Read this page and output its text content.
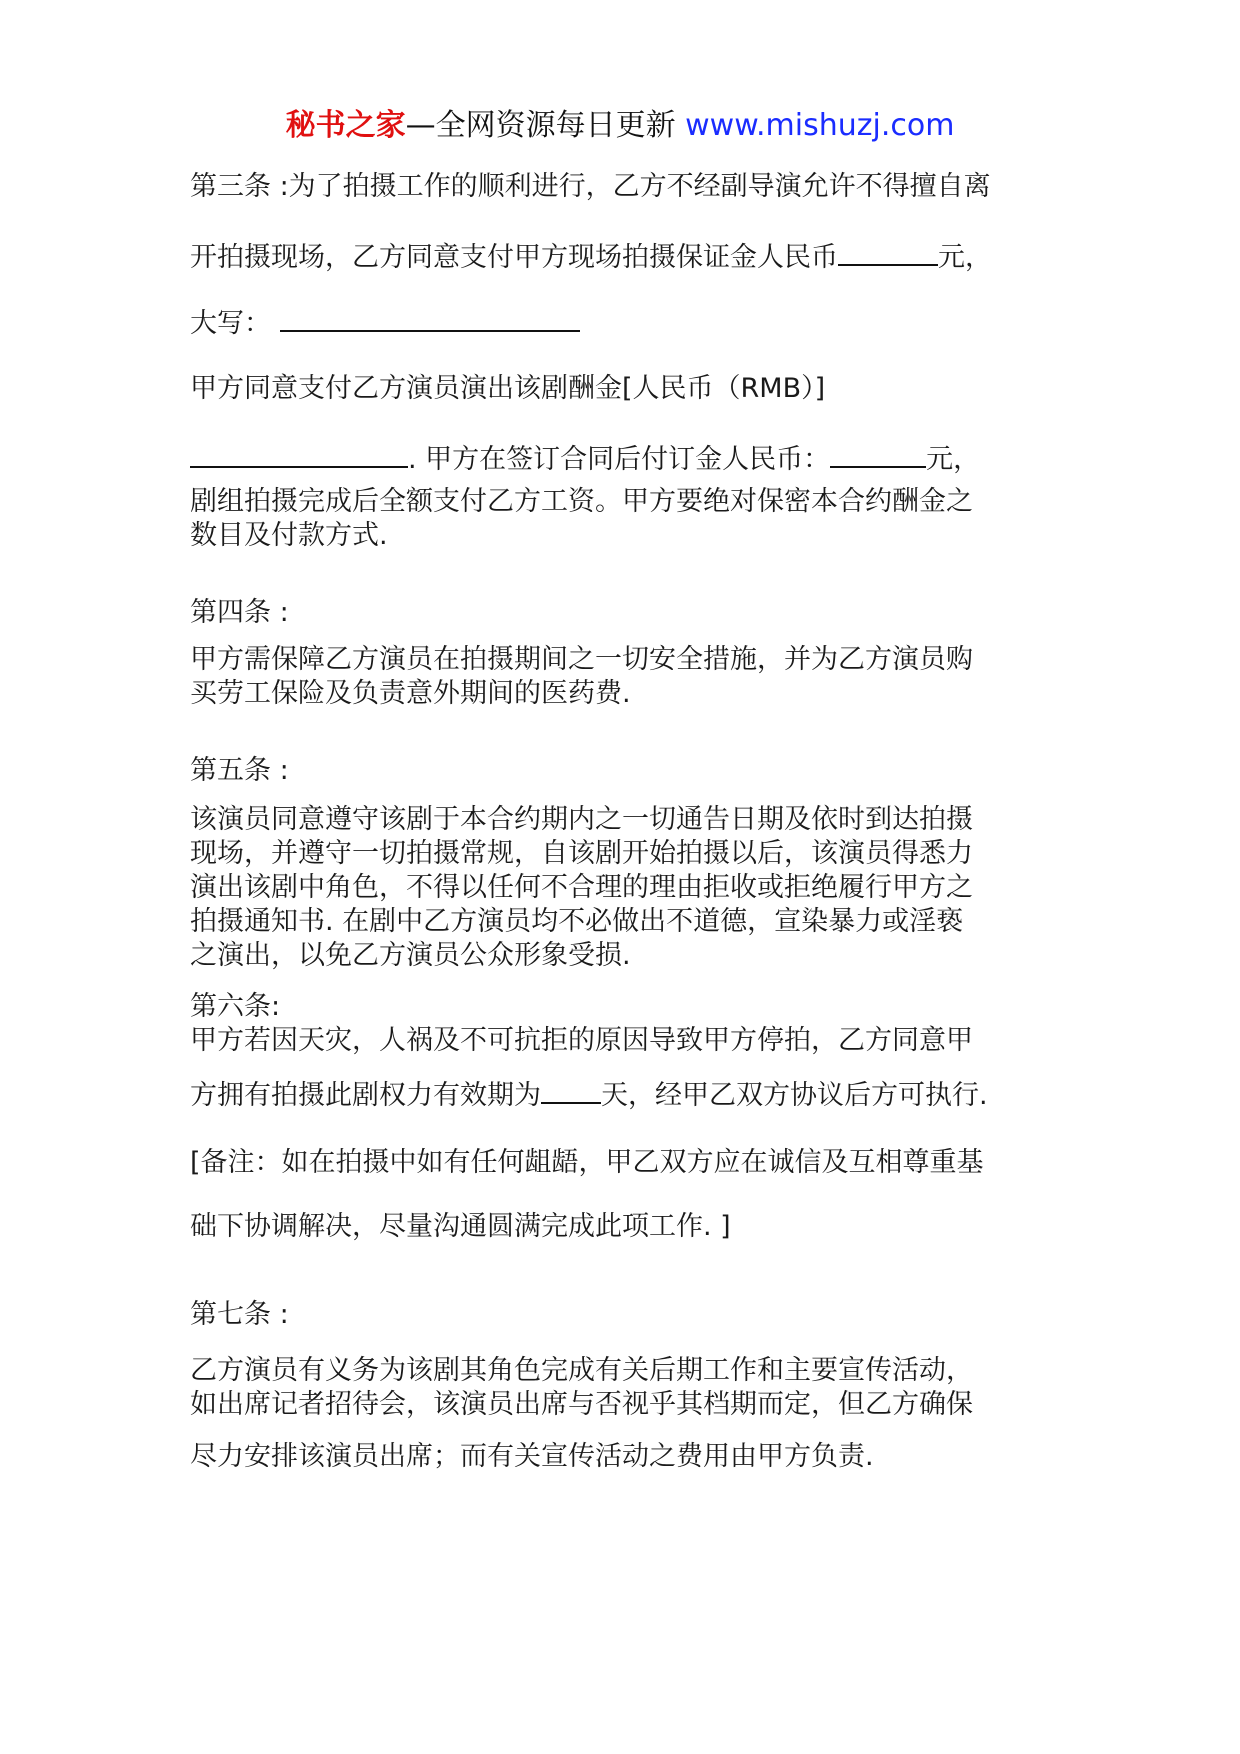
秘书之家—全网资源每日更新 www.mishuzj.com
第三条 :为了拍摄工作的顺利进行，乙方不经副导演允许不得擅自离
开拍摄现场，乙方同意支付甲方现场拍摄保证金人民币	元，
大写：
甲方同意支付乙方演员演出该剧酬金[人民币（RMB）]
. 甲方在签订合同后付订金人民币：	元，
剧组拍摄完成后全额支付乙方工资。甲方要绝对保密本合约酬金之
数目及付款方式.
第四条 :
甲方需保障乙方演员在拍摄期间之一切安全措施，并为乙方演员购
买劳工保险及负责意外期间的医药费.
第五条 :
该演员同意遵守该剧于本合约期内之一切通告日期及依时到达拍摄
现场，并遵守一切拍摄常规，自该剧开始拍摄以后，该演员得悉力
演出该剧中角色，不得以任何不合理的理由拒收或拒绝履行甲方之
拍摄通知书. 在剧中乙方演员均不必做出不道德，宣染暴力或淫亵
之演出，以免乙方演员公众形象受损.
第六条:
甲方若因天灾，人祸及不可抗拒的原因导致甲方停拍，乙方同意甲
方拥有拍摄此剧权力有效期为 天，经甲乙双方协议后方可执行.
[备注：如在拍摄中如有任何龃龉，甲乙双方应在诚信及互相尊重基
础下协调解决，尽量沟通圆满完成此项工作. ]
第七条 :
乙方演员有义务为该剧其角色完成有关后期工作和主要宣传活动，
如出席记者招待会，该演员出席与否视乎其档期而定，但乙方确保
尽力安排该演员出席；而有关宣传活动之费用由甲方负责.
